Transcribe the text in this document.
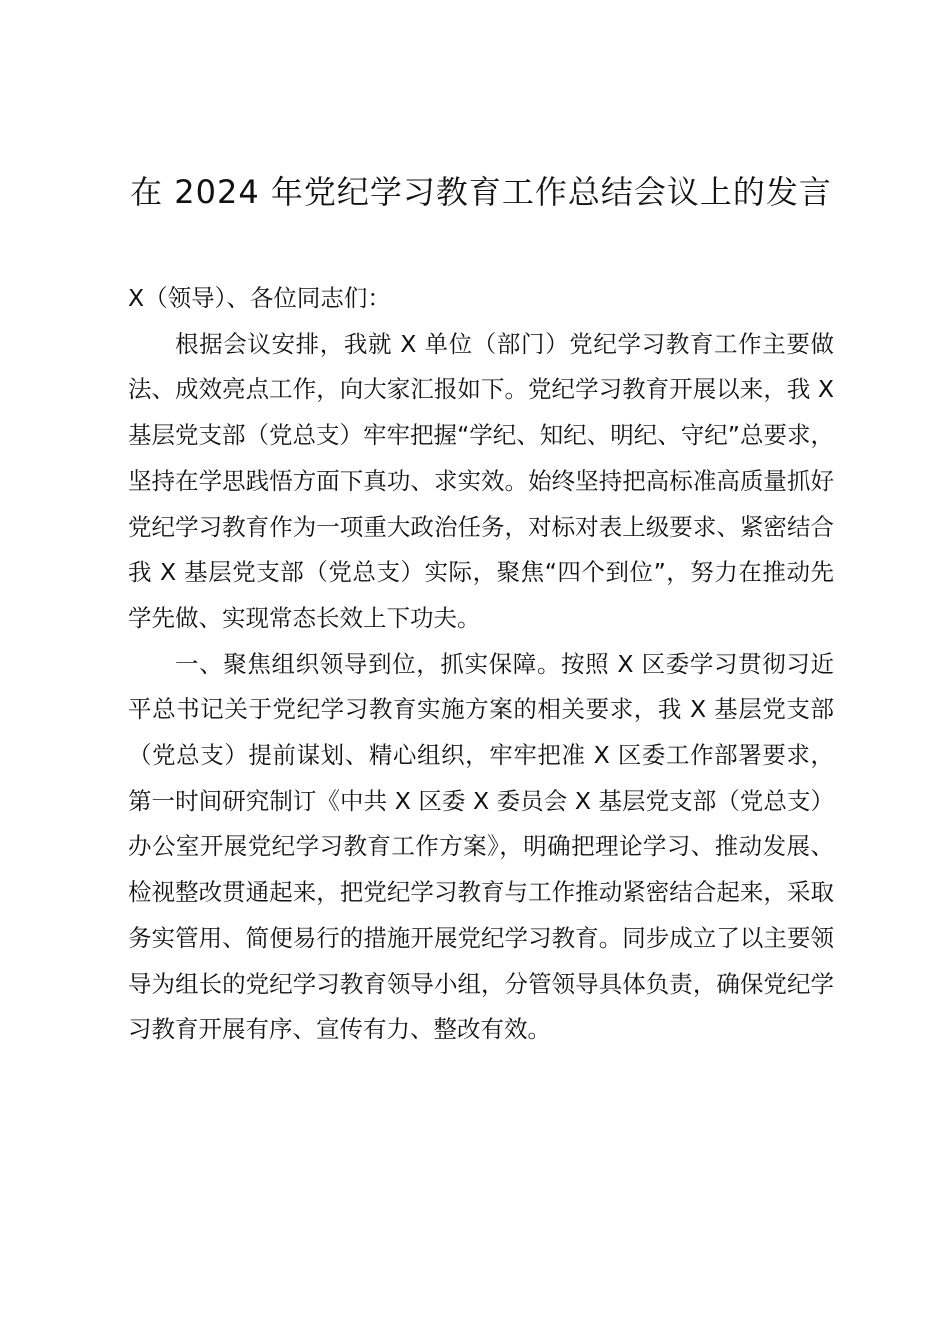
在 2024 年党纪学习教育工作总结会议上的发言

X（领导）、各位同志们：

根据会议安排，我就 X 单位（部门）党纪学习教育工作主要做法、成效亮点工作，向大家汇报如下。党纪学习教育开展以来，我 X 基层党支部（党总支）牢牢把握“学纪、知纪、明纪、守纪”总要求，坚持在学思践悟方面下真功、求实效。始终坚持把高标准高质量抓好党纪学习教育作为一项重大政治任务，对标对表上级要求、紧密结合我 X 基层党支部（党总支）实际，聚焦“四个到位”，努力在推动先学先做、实现常态长效上下功夫。

一、聚焦组织领导到位，抓实保障。按照 X 区委学习贯彻习近平总书记关于党纪学习教育实施方案的相关要求，我 X 基层党支部（党总支）提前谋划、精心组织，牢牢把准 X 区委工作部署要求，第一时间研究制订《中共 X 区委 X 委员会 X 基层党支部（党总支）办公室开展党纪学习教育工作方案》，明确把理论学习、推动发展、检视整改贯通起来，把党纪学习教育与工作推动紧密结合起来，采取务实管用、简便易行的措施开展党纪学习教育。同步成立了以主要领导为组长的党纪学习教育领导小组，分管领导具体负责，确保党纪学习教育开展有序、宣传有力、整改有效。
